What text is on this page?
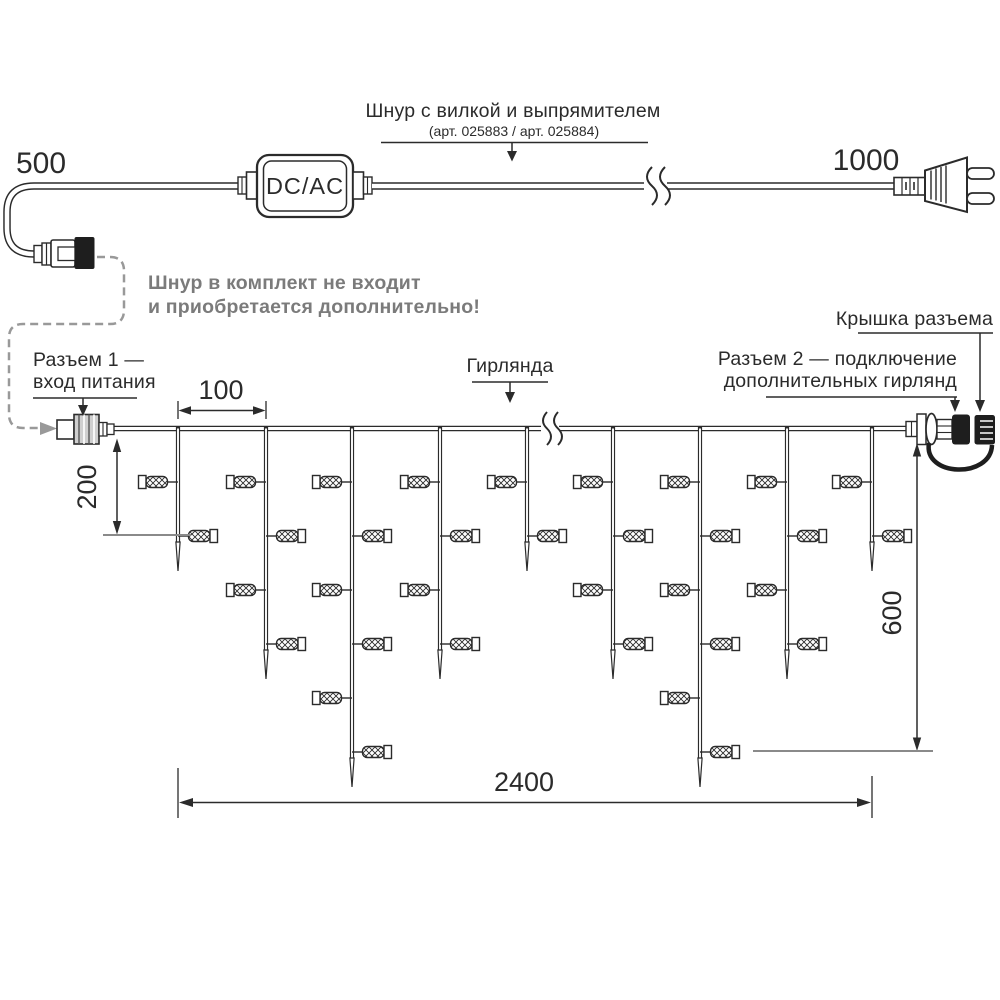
DC/AC
500	1000
Шнур с вилкой и выпрямителем
(арт. 025883 / арт. 025884)
Шнур в комплект не входит
и приобретается дополнительно!
100
200
600
2400
Разъем 1 —
вход питания
Гирлянда	Разъем 2 — подключение
дополнительных гирлянд
Крышка разъема
